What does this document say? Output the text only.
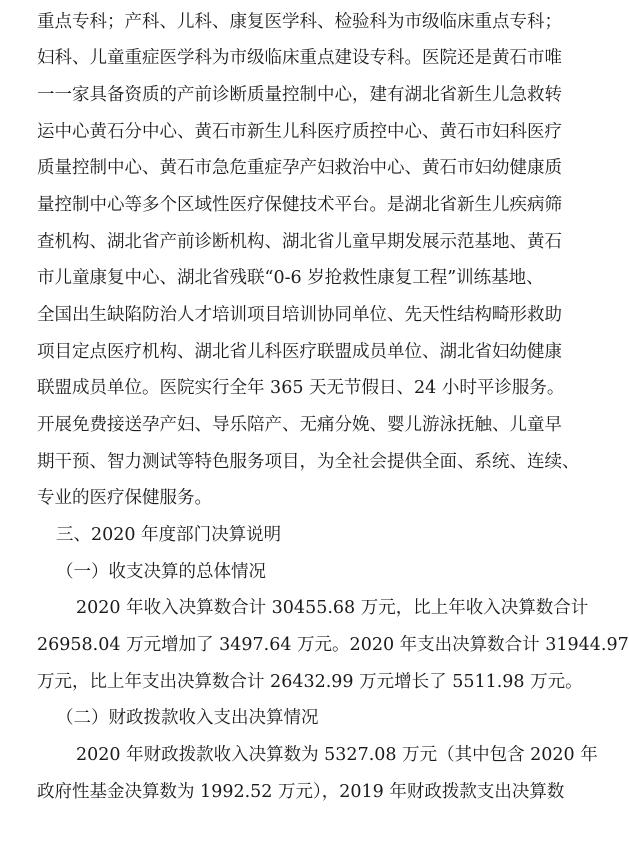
重点专科；产科、儿科、康复医学科、检验科为市级临床重点专科；
妇科、儿童重症医学科为市级临床重点建设专科。医院还是黄石市唯
一一家具备资质的产前诊断质量控制中心，建有湖北省新生儿急救转
运中心黄石分中心、黄石市新生儿科医疗质控中心、黄石市妇科医疗
质量控制中心、黄石市急危重症孕产妇救治中心、黄石市妇幼健康质
量控制中心等多个区域性医疗保健技术平台。是湖北省新生儿疾病筛
查机构、湖北省产前诊断机构、湖北省儿童早期发展示范基地、黄石
市儿童康复中心、湖北省残联“0-6 岁抢救性康复工程”训练基地、
全国出生缺陷防治人才培训项目培训协同单位、先天性结构畸形救助
项目定点医疗机构、湖北省儿科医疗联盟成员单位、湖北省妇幼健康
联盟成员单位。医院实行全年 365 天无节假日、24 小时平诊服务。
开展免费接送孕产妇、导乐陪产、无痛分娩、婴儿游泳抚触、儿童早
期干预、智力测试等特色服务项目，为全社会提供全面、系统、连续、
专业的医疗保健服务。
三、2020 年度部门决算说明
（一）收支决算的总体情况
2020 年收入决算数合计 30455.68 万元，比上年收入决算数合计
26958.04 万元增加了 3497.64 万元。2020 年支出决算数合计 31944.97
万元，比上年支出决算数合计 26432.99 万元增长了 5511.98 万元。
（二）财政拨款收入支出决算情况
2020 年财政拨款收入决算数为 5327.08 万元（其中包含 2020 年
政府性基金决算数为 1992.52 万元），2019 年财政拨款支出决算数
